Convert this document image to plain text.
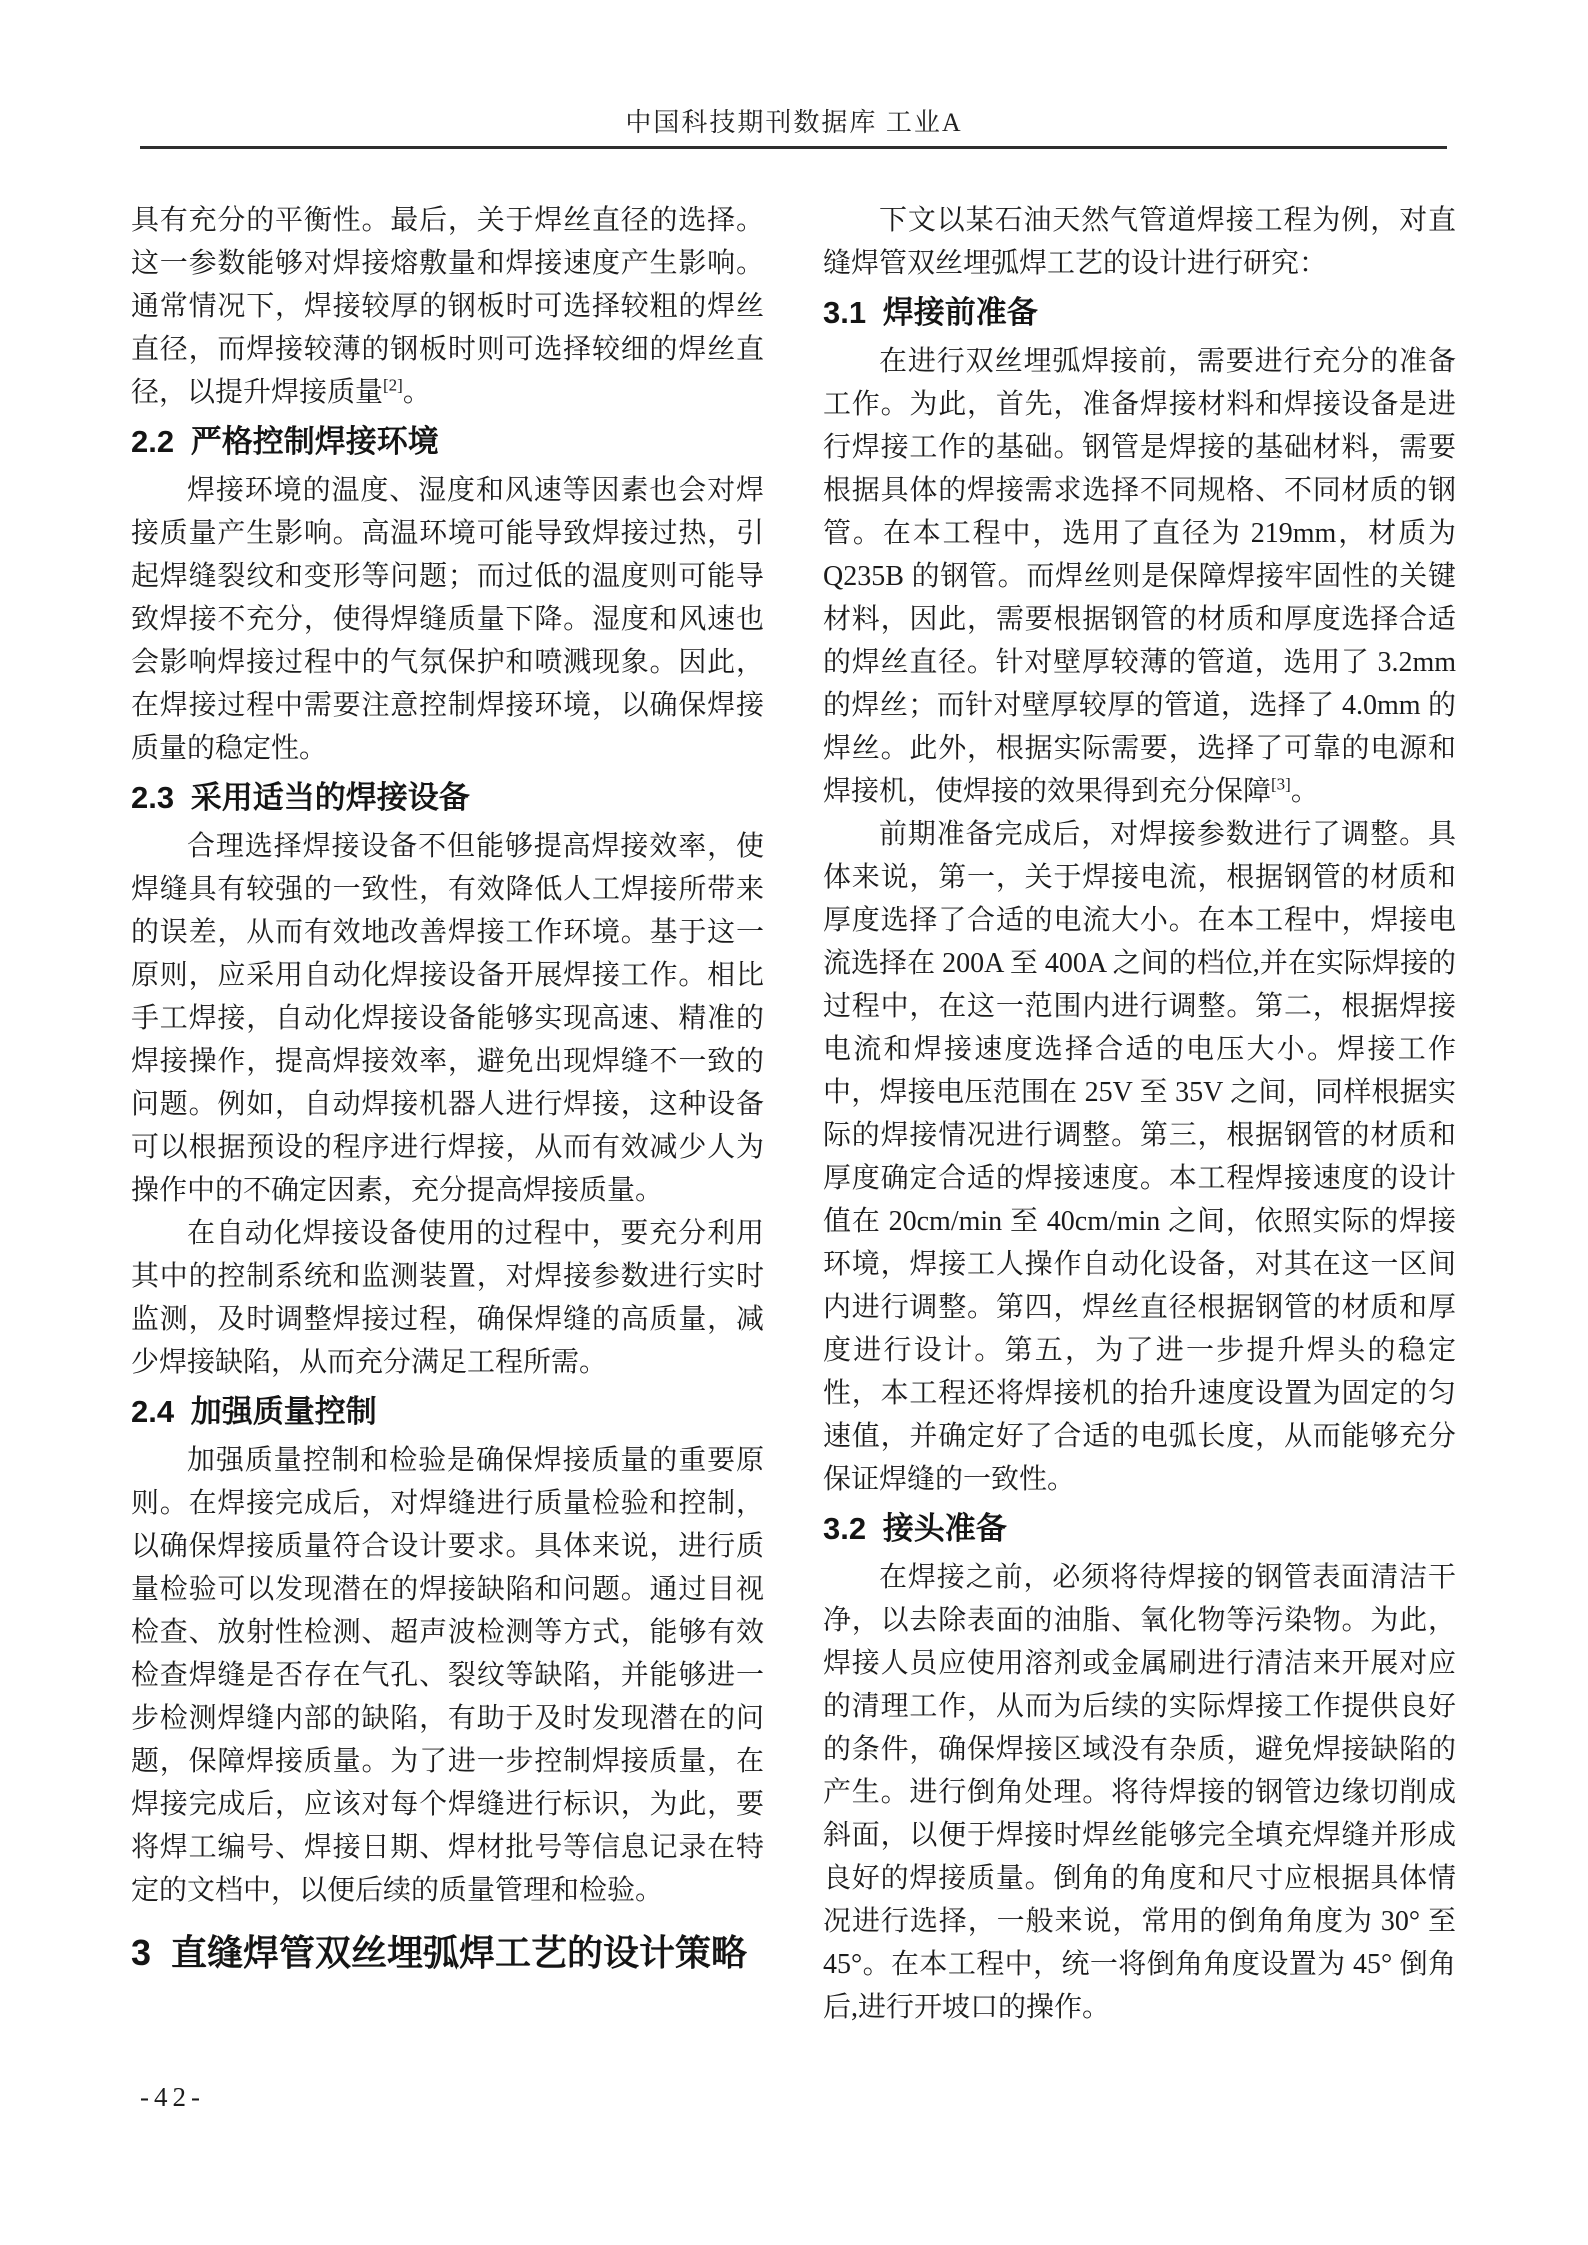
中国科技期刊数据库 工业A

具有充分的平衡性。最后，关于焊丝直径的选择。这一参数能够对焊接熔敷量和焊接速度产生影响。通常情况下，焊接较厚的钢板时可选择较粗的焊丝直径，而焊接较薄的钢板时则可选择较细的焊丝直径，以提升焊接质量[2]。

2.2 严格控制焊接环境

焊接环境的温度、湿度和风速等因素也会对焊接质量产生影响。高温环境可能导致焊接过热，引起焊缝裂纹和变形等问题；而过低的温度则可能导致焊接不充分，使得焊缝质量下降。湿度和风速也会影响焊接过程中的气氛保护和喷溅现象。因此，在焊接过程中需要注意控制焊接环境，以确保焊接质量的稳定性。

2.3 采用适当的焊接设备

合理选择焊接设备不但能够提高焊接效率，使焊缝具有较强的一致性，有效降低人工焊接所带来的误差，从而有效地改善焊接工作环境。基于这一原则，应采用自动化焊接设备开展焊接工作。相比手工焊接，自动化焊接设备能够实现高速、精准的焊接操作，提高焊接效率，避免出现焊缝不一致的问题。例如，自动焊接机器人进行焊接，这种设备可以根据预设的程序进行焊接，从而有效减少人为操作中的不确定因素，充分提高焊接质量。

在自动化焊接设备使用的过程中，要充分利用其中的控制系统和监测装置，对焊接参数进行实时监测，及时调整焊接过程，确保焊缝的高质量，减少焊接缺陷，从而充分满足工程所需。

2.4 加强质量控制

加强质量控制和检验是确保焊接质量的重要原则。在焊接完成后，对焊缝进行质量检验和控制，以确保焊接质量符合设计要求。具体来说，进行质量检验可以发现潜在的焊接缺陷和问题。通过目视检查、放射性检测、超声波检测等方式，能够有效检查焊缝是否存在气孔、裂纹等缺陷，并能够进一步检测焊缝内部的缺陷，有助于及时发现潜在的问题，保障焊接质量。为了进一步控制焊接质量，在焊接完成后，应该对每个焊缝进行标识，为此，要将焊工编号、焊接日期、焊材批号等信息记录在特定的文档中，以便后续的质量管理和检验。

3 直缝焊管双丝埋弧焊工艺的设计策略

下文以某石油天然气管道焊接工程为例，对直缝焊管双丝埋弧焊工艺的设计进行研究：

3.1 焊接前准备

在进行双丝埋弧焊接前，需要进行充分的准备工作。为此，首先，准备焊接材料和焊接设备是进行焊接工作的基础。钢管是焊接的基础材料，需要根据具体的焊接需求选择不同规格、不同材质的钢管。在本工程中，选用了直径为 219mm，材质为 Q235B 的钢管。而焊丝则是保障焊接牢固性的关键材料，因此，需要根据钢管的材质和厚度选择合适的焊丝直径。针对壁厚较薄的管道，选用了 3.2mm 的焊丝；而针对壁厚较厚的管道，选择了 4.0mm 的焊丝。此外，根据实际需要，选择了可靠的电源和焊接机，使焊接的效果得到充分保障[3]。

前期准备完成后，对焊接参数进行了调整。具体来说，第一，关于焊接电流，根据钢管的材质和厚度选择了合适的电流大小。在本工程中，焊接电流选择在 200A 至 400A 之间的档位,并在实际焊接的过程中，在这一范围内进行调整。第二，根据焊接电流和焊接速度选择合适的电压大小。焊接工作中，焊接电压范围在 25V 至 35V 之间，同样根据实际的焊接情况进行调整。第三，根据钢管的材质和厚度确定合适的焊接速度。本工程焊接速度的设计值在 20cm/min 至 40cm/min 之间，依照实际的焊接环境，焊接工人操作自动化设备，对其在这一区间内进行调整。第四，焊丝直径根据钢管的材质和厚度进行设计。第五，为了进一步提升焊头的稳定性，本工程还将焊接机的抬升速度设置为固定的匀速值，并确定好了合适的电弧长度，从而能够充分保证焊缝的一致性。

3.2 接头准备

在焊接之前，必须将待焊接的钢管表面清洁干净，以去除表面的油脂、氧化物等污染物。为此，焊接人员应使用溶剂或金属刷进行清洁来开展对应的清理工作，从而为后续的实际焊接工作提供良好的条件，确保焊接区域没有杂质，避免焊接缺陷的产生。进行倒角处理。将待焊接的钢管边缘切削成斜面，以便于焊接时焊丝能够完全填充焊缝并形成良好的焊接质量。倒角的角度和尺寸应根据具体情况进行选择，一般来说，常用的倒角角度为 30° 至 45°。在本工程中，统一将倒角角度设置为 45° 倒角后,进行开坡口的操作。

-42-
